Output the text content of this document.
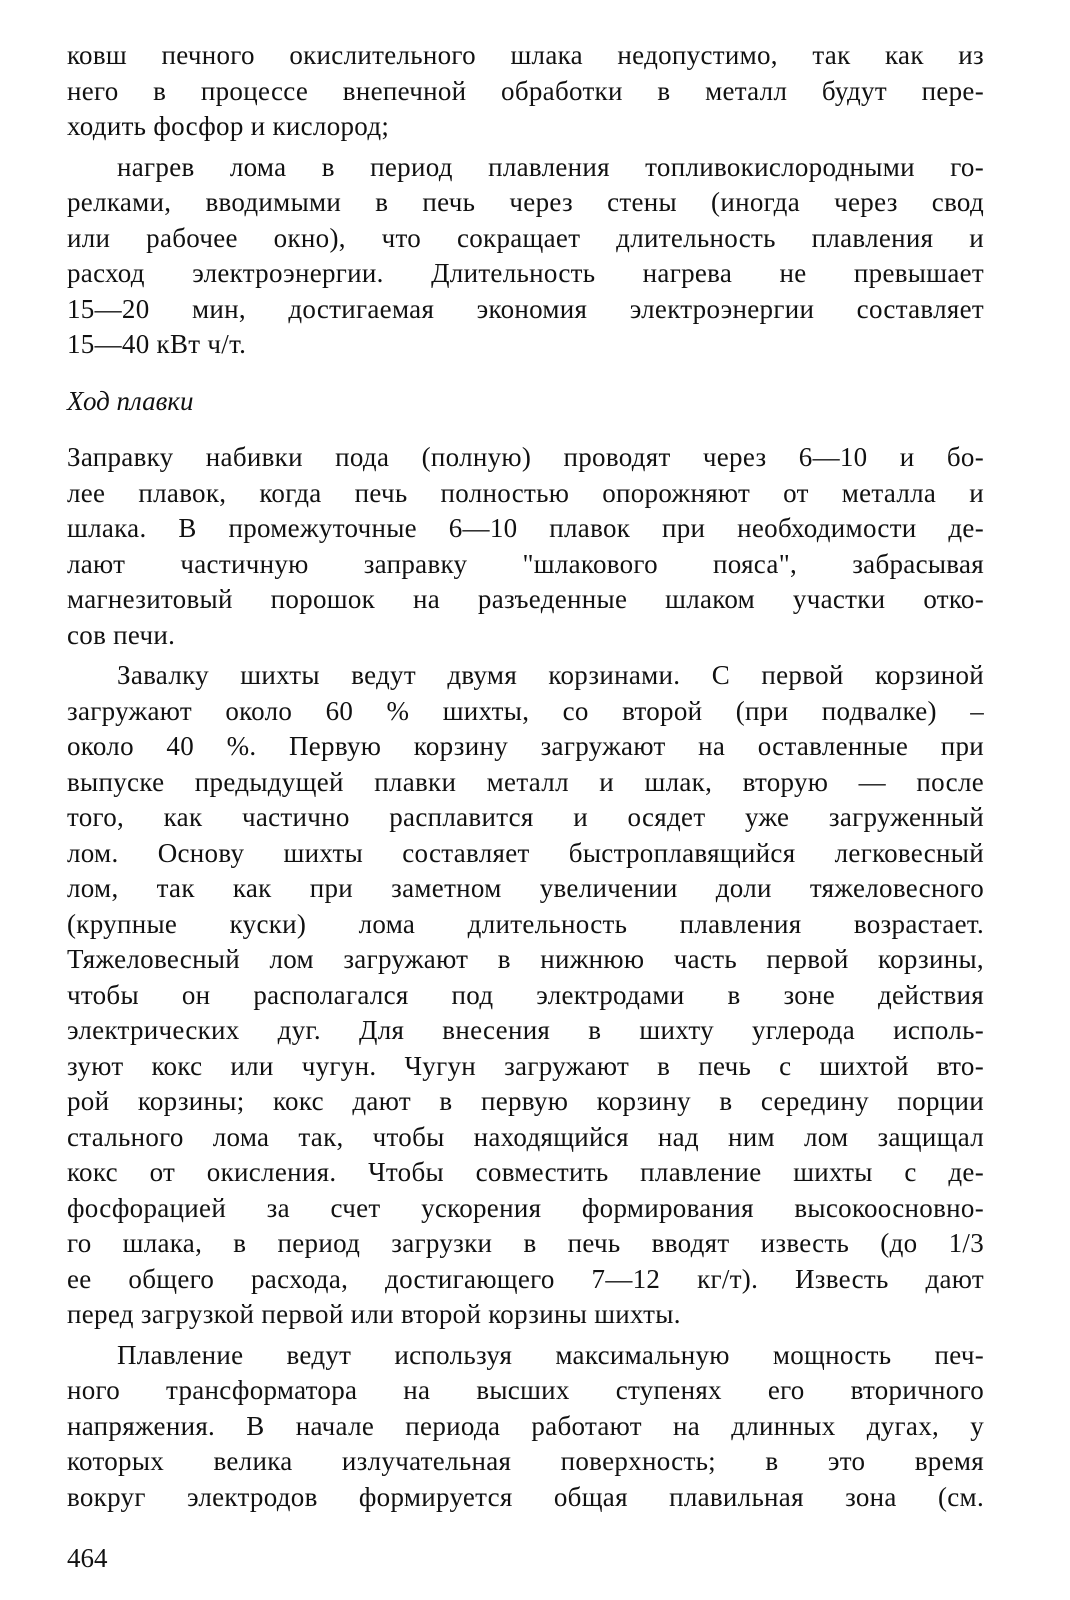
ковш печного окислительного шлака недопустимо, так как из
него в процессе внепечной обработки в металл будут пере-
ходить фосфор и кислород;
нагрев лома в период плавления топливокислородными го-
релками, вводимыми в печь через стены (иногда через свод
или рабочее окно), что сокращает длительность плавления и
расход электроэнергии. Длительность нагрева не превышает
15—20 мин, достигаемая экономия электроэнергии составляет
15—40 кВт ч/т.
Ход плавки
Заправку набивки пода (полную) проводят через 6—10 и бо-
лее плавок, когда печь полностью опорожняют от металла и
шлака. В промежуточные 6—10 плавок при необходимости де-
лают частичную заправку "шлакового пояса", забрасывая
магнезитовый порошок на разъеденные шлаком участки отко-
сов печи.
Завалку шихты ведут двумя корзинами. С первой корзиной
загружают около 60 % шихты, со второй (при подвалке) –
около 40 %. Первую корзину загружают на оставленные при
выпуске предыдущей плавки металл и шлак, вторую — после
того, как частично расплавится и осядет уже загруженный
лом. Основу шихты составляет быстроплавящийся легковесный
лом, так как при заметном увеличении доли тяжеловесного
(крупные куски) лома длительность плавления возрастает.
Тяжеловесный лом загружают в нижнюю часть первой корзины,
чтобы он располагался под электродами в зоне действия
электрических дуг. Для внесения в шихту углерода исполь-
зуют кокс или чугун. Чугун загружают в печь с шихтой вто-
рой корзины; кокс дают в первую корзину в середину порции
стального лома так, чтобы находящийся над ним лом защищал
кокс от окисления. Чтобы совместить плавление шихты с де-
фосфорацией за счет ускорения формирования высокоосновно-
го шлака, в период загрузки в печь вводят известь (до 1/3
ее общего расхода, достигающего 7—12 кг/т). Известь дают
перед загрузкой первой или второй корзины шихты.
Плавление ведут используя максимальную мощность печ-
ного трансформатора на высших ступенях его вторичного
напряжения. В начале периода работают на длинных дугах, у
которых велика излучательная поверхность; в это время
вокруг электродов формируется общая плавильная зона (см.
464
